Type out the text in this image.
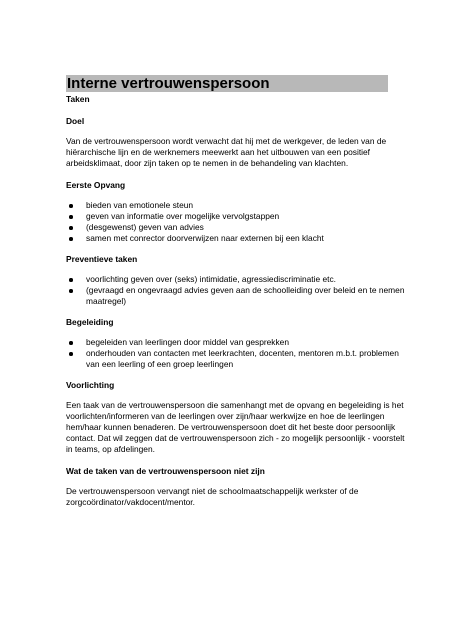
Interne vertrouwenspersoon
Taken
Doel

Van de vertrouwenspersoon wordt verwacht dat hij met de werkgever, de leden van de hiërarchische lijn en de werknemers meewerkt aan het uitbouwen van een positief arbeidsklimaat, door zijn taken op te nemen in de behandeling van klachten.

Eerste Opvang
bieden van emotionele steun
geven van informatie over mogelijke vervolgstappen
(desgewenst) geven van advies
samen met conrector doorverwijzen naar externen bij een klacht
Preventieve taken
voorlichting geven over (seks) intimidatie, agressiediscriminatie etc.
(gevraagd en ongevraagd advies geven aan de schoolleiding over beleid en te nemen maatregel)
Begeleiding
begeleiden van leerlingen door middel van gesprekken
onderhouden van contacten met leerkrachten, docenten, mentoren m.b.t. problemen van een leerling of een groep leerlingen
Voorlichting

Een taak van de vertrouwenspersoon die samenhangt met de opvang en begeleiding is het voorlichten/informeren van de leerlingen over zijn/haar werkwijze en hoe de leerlingen hem/haar kunnen benaderen. De vertrouwenspersoon doet dit het beste door persoonlijk contact. Dat wil zeggen dat de vertrouwenspersoon zich - zo mogelijk persoonlijk - voorstelt in teams, op afdelingen.

Wat de taken van de vertrouwenspersoon niet zijn

De vertrouwenspersoon vervangt niet de schoolmaatschappelijk werkster of de zorgcoördinator/vakdocent/mentor.
